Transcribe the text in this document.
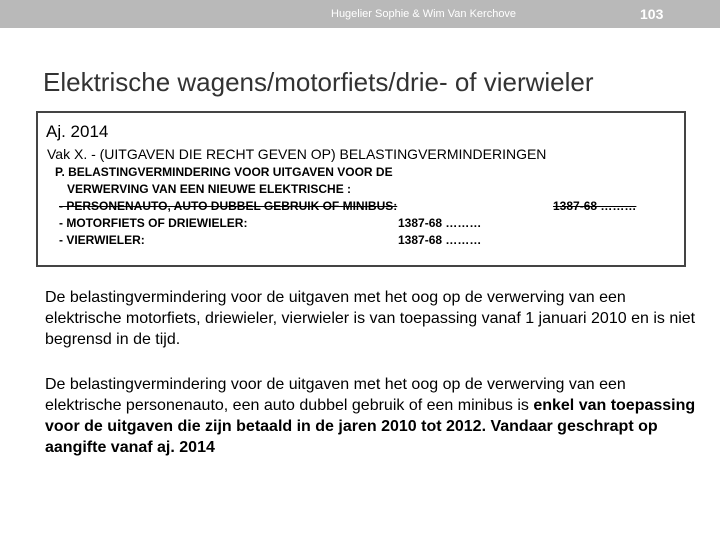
Hugelier Sophie & Wim Van Kerchove	103
Elektrische wagens/motorfiets/drie- of vierwieler
Aj. 2014
Vak X. - (UITGAVEN DIE RECHT GEVEN OP) BELASTINGVERMINDERINGEN
P. BELASTINGVERMINDERING VOOR UITGAVEN VOOR DE
VERWERVING VAN EEN NIEUWE ELEKTRISCHE :
- PERSONENAUTO, AUTO DUBBEL GEBRUIK OF MINIBUS:	1387-68 ………
- MOTORFIETS OF DRIEWIELER:	1387-68 ………
- VIERWIELER:	1387-68 ………
De belastingvermindering voor de uitgaven met het oog op de verwerving van een elektrische motorfiets, driewieler, vierwieler is van toepassing vanaf 1 januari 2010 en is niet begrensd in de tijd.
De belastingvermindering voor de uitgaven met het oog op de verwerving van een elektrische personenauto, een auto dubbel gebruik of een minibus is enkel van toepassing voor de uitgaven die zijn betaald in de jaren 2010 tot 2012. Vandaar geschrapt op aangifte vanaf aj. 2014
